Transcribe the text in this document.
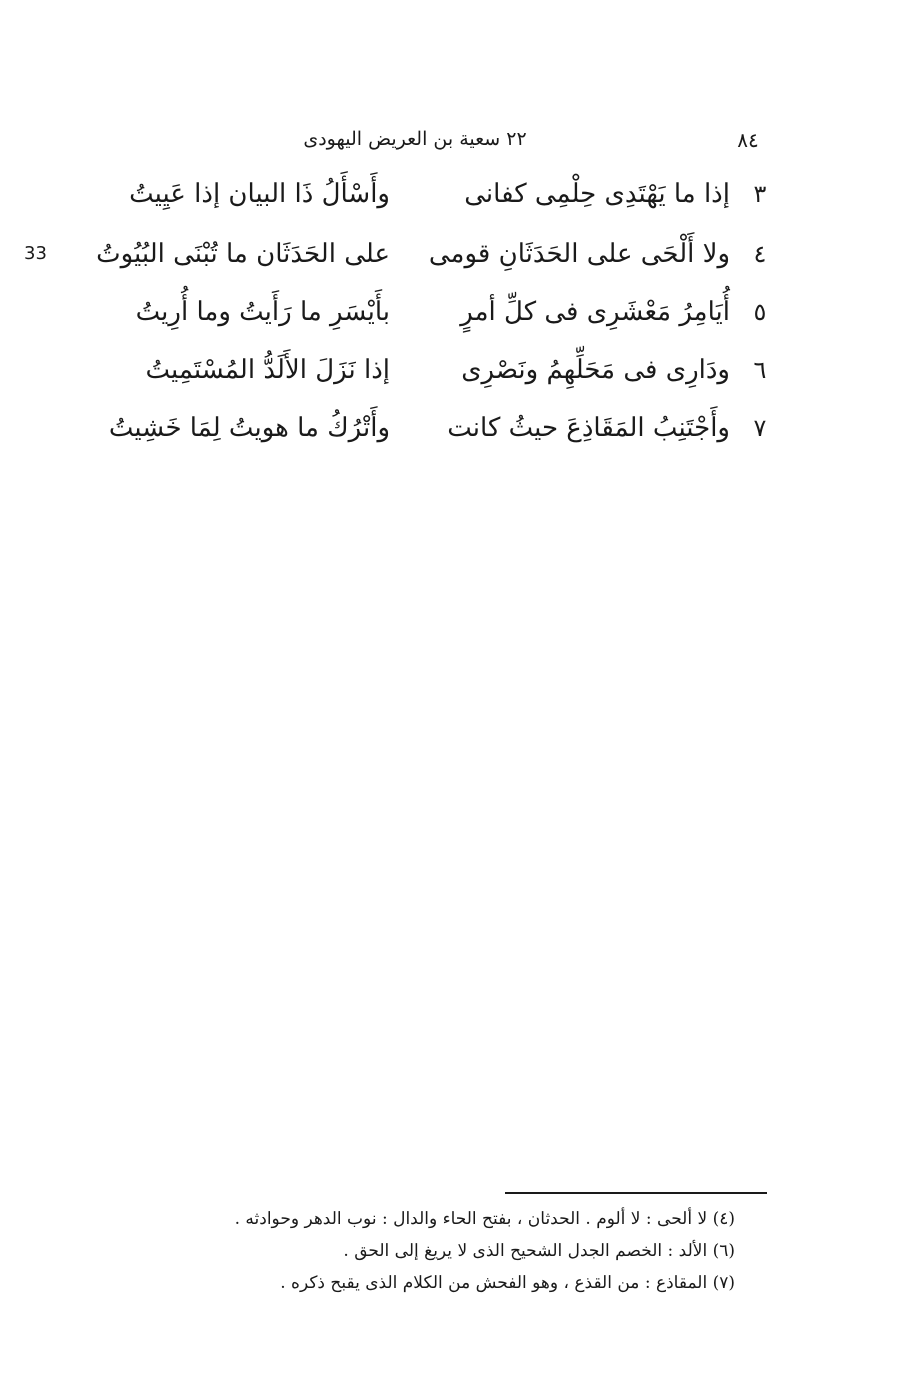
٨٤
٢٢ سعية بن العريض اليهودى
33
٣
إذا ما يَهْتَدِى حِلْمِى كفانى
وأَسْأَلُ ذَا البيان إذا عَيِيتُ
٤
ولا أَلْحَى على الحَدَثَانِ قومى
على الحَدَثَان ما تُبْنَى البُيُوتُ
٥
أُيَامِرُ مَعْشَرِى فى كلِّ أمرٍ
بأَيْسَرِ ما رَأَيتُ وما أُرِيتُ
٦
ودَارِى فى مَحَلِّهِمُ ونَصْرِى
إذا نَزَلَ الأَلَدُّ المُسْتَمِيتُ
٧
وأَجْتَنِبُ المَقَاذِعَ حيثُ كانت
وأَتْرُكُ ما هويتُ لِمَا خَشِيتُ
(٤) لا ألحى : لا ألوم . الحدثان ، بفتح الحاء والدال : نوب الدهر وحوادثه .
(٦) الألد : الخصم الجدل الشحيح الذى لا يريغ إلى الحق .
(٧) المقاذع : من القذع ، وهو الفحش من الكلام الذى يقبح ذكره .
